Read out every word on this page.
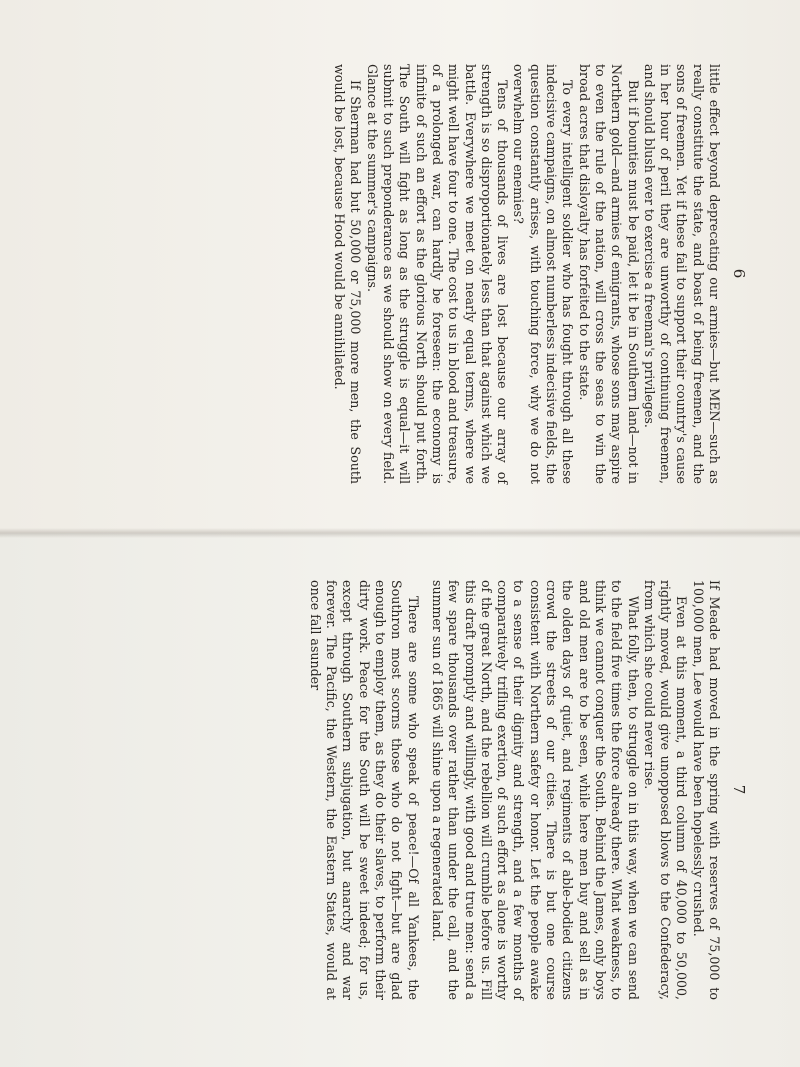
6

little effect beyond deprecating our armies—but MEN—such as really constitute the state, and boast of being freemen, and the sons of freemen. Yet if these fail to support their country's cause in her hour of peril they are unworthy of continuing freemen, and should blush ever to exercise a freeman's privileges.

But if bounties must be paid, let it be in Southern land—not in Northern gold—and armies of emigrants, whose sons may aspire to even the rule of the nation, will cross the seas to win the broad acres that disloyalty has forfeited to the state.

To every intelligent soldier who has fought through all these indecisive campaigns, on almost numberless indecisive fields, the question constantly arises, with touching force, why we do not overwhelm our enemies?

Tens of thousands of lives are lost because our array of strength is so disproportionately less than that against which we battle. Everywhere we meet on nearly equal terms, where we might well have four to one. The cost to us in blood and treasure, of a prolonged war, can hardly be foreseen: the economy is infinite of such an effort as the glorious North should put forth. The South will fight as long as the struggle is equal—it will submit to such preponderance as we should show on every field. Glance at the summer's campaigns.

If Sherman had but 50,000 or 75,000 more men, the South would be lost, because Hood would be annihilated.

7

If Meade had moved in the spring with reserves of 75,000 to 100,000 men, Lee would have been hopelessly crushed.

Even at this moment, a third column of 40,000 to 50,000, rightly moved, would give unopposed blows to the Confederacy, from which she could never rise.

What folly, then, to struggle on in this way, when we can send to the field five times the force already there. What weakness, to think we cannot conquer the South. Behind the James, only boys and old men are to be seen, while here men buy and sell as in the olden days of quiet, and regiments of able-bodied citizens crowd the streets of our cities. There is but one course consistent with Northern safety or honor. Let the people awake to a sense of their dignity and strength, and a few months of comparatively trifling exertion, of such effort as alone is worthy of the great North, and the rebellion will crumble before us. Fill this draft promptly and willingly, with good and true men: send a few spare thousands over rather than under the call, and the summer sun of 1865 will shine upon a regenerated land.

There are some who speak of peace!—Of all Yankees, the Southron most scorns those who do not fight—but are glad enough to employ them, as they do their slaves, to perform their dirty work. Peace for the South will be sweet indeed; for us, except through Southern subjugation, but anarchy and war forever. The Pacific, the Western, the Eastern States, would at once fall asunder
